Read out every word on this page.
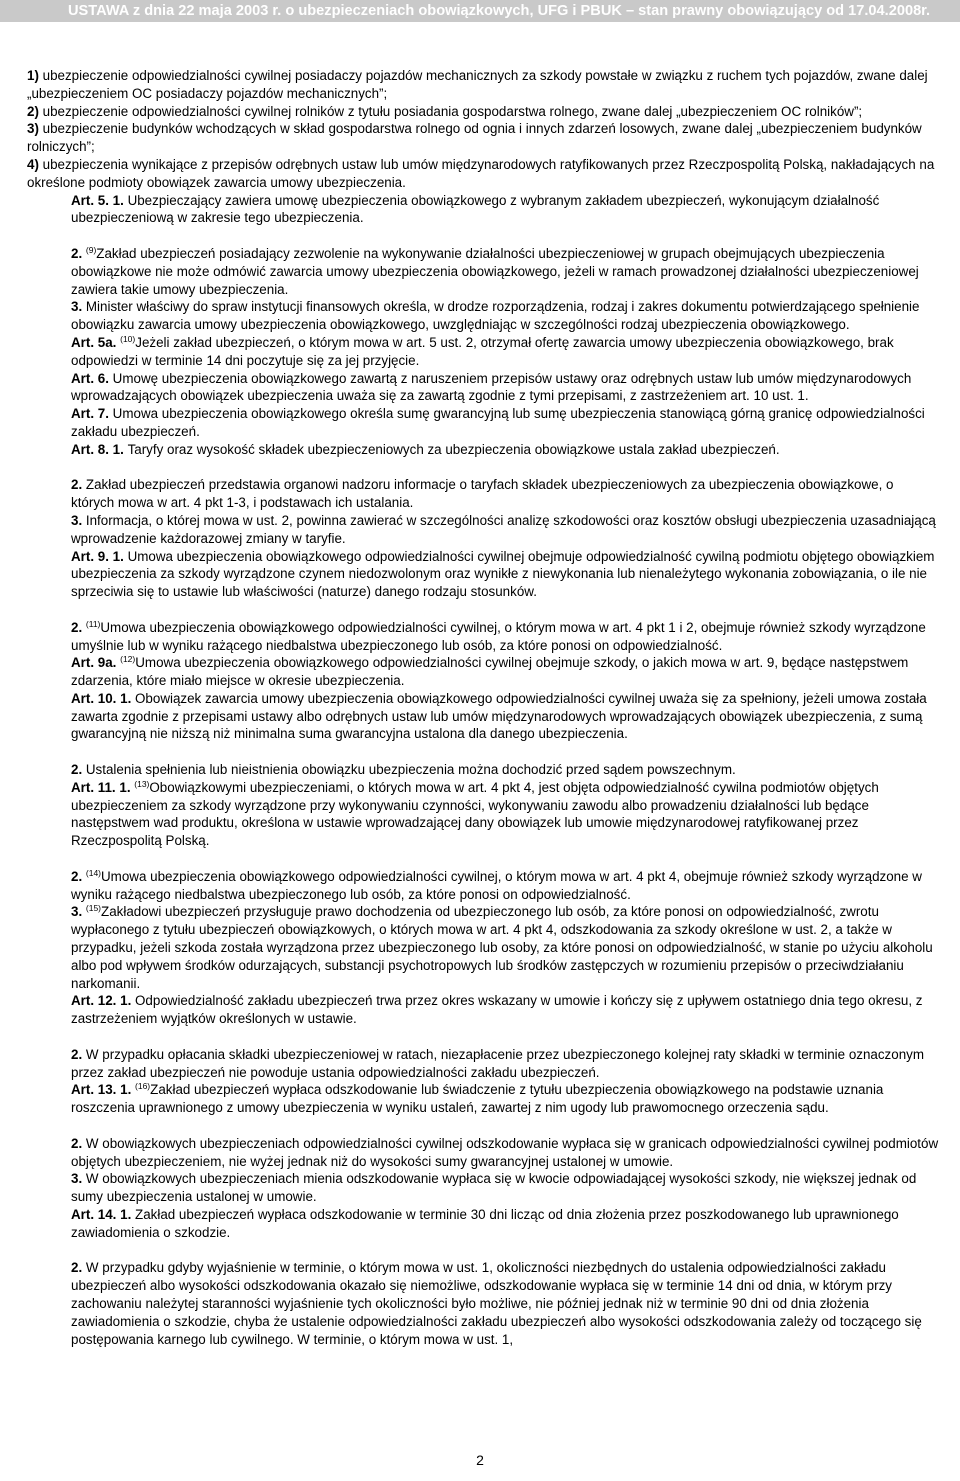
USTAWA z dnia 22 maja 2003 r. o ubezpieczeniach obowiązkowych, UFG i PBUK – stan prawny obowiązujący od 17.04.2008r.
1) ubezpieczenie odpowiedzialności cywilnej posiadaczy pojazdów mechanicznych za szkody powstałe w związku z ruchem tych pojazdów, zwane dalej „ubezpieczeniem OC posiadaczy pojazdów mechanicznych”;
2) ubezpieczenie odpowiedzialności cywilnej rolników z tytułu posiadania gospodarstwa rolnego, zwane dalej „ubezpieczeniem OC rolników”;
3) ubezpieczenie budynków wchodzących w skład gospodarstwa rolnego od ognia i innych zdarzeń losowych, zwane dalej „ubezpieczeniem budynków rolniczych”;
4) ubezpieczenia wynikające z przepisów odrębnych ustaw lub umów międzynarodowych ratyfikowanych przez Rzeczpospolitą Polską, nakładających na określone podmioty obowiązek zawarcia umowy ubezpieczenia.
Art. 5. 1. Ubezpieczający zawiera umowę ubezpieczenia obowiązkowego z wybranym zakładem ubezpieczeń, wykonującym działalność ubezpieczeniową w zakresie tego ubezpieczenia.
2. $^{(9)}$Zakład ubezpieczeń posiadający zezwolenie na wykonywanie działalności ubezpieczeniowej w grupach obejmujących ubezpieczenia obowiązkowe nie może odmówić zawarcia umowy ubezpieczenia obowiązkowego, jeżeli w ramach prowadzonej działalności ubezpieczeniowej zawiera takie umowy ubezpieczenia.
3. Minister właściwy do spraw instytucji finansowych określa, w drodze rozporządzenia, rodzaj i zakres dokumentu potwierdzającego spełnienie obowiązku zawarcia umowy ubezpieczenia obowiązkowego, uwzględniając w szczególności rodzaj ubezpieczenia obowiązkowego.
Art. 5a. $^{(10)}$Jeżeli zakład ubezpieczeń, o którym mowa w art. 5 ust. 2, otrzymał ofertę zawarcia umowy ubezpieczenia obowiązkowego, brak odpowiedzi w terminie 14 dni poczytuje się za jej przyjęcie.
Art. 6. Umowę ubezpieczenia obowiązkowego zawartą z naruszeniem przepisów ustawy oraz odrębnych ustaw lub umów międzynarodowych wprowadzających obowiązek ubezpieczenia uważa się za zawartą zgodnie z tymi przepisami, z zastrzeżeniem art. 10 ust. 1.
Art. 7. Umowa ubezpieczenia obowiązkowego określa sumę gwarancyjną lub sumę ubezpieczenia stanowiącą górną granicę odpowiedzialności zakładu ubezpieczeń.
Art. 8. 1. Taryfy oraz wysokość składek ubezpieczeniowych za ubezpieczenia obowiązkowe ustala zakład ubezpieczeń.
2. Zakład ubezpieczeń przedstawia organowi nadzoru informacje o taryfach składek ubezpieczeniowych za ubezpieczenia obowiązkowe, o których mowa w art. 4 pkt 1-3, i podstawach ich ustalania.
3. Informacja, o której mowa w ust. 2, powinna zawierać w szczególności analizę szkodowości oraz kosztów obsługi ubezpieczenia uzasadniającą wprowadzenie każdorazowej zmiany w taryfie.
Art. 9. 1. Umowa ubezpieczenia obowiązkowego odpowiedzialności cywilnej obejmuje odpowiedzialność cywilną podmiotu objętego obowiązkiem ubezpieczenia za szkody wyrządzone czynem niedozwolonym oraz wynikłe z niewykonania lub nienależytego wykonania zobowiązania, o ile nie sprzeciwia się to ustawie lub właściwości (naturze) danego rodzaju stosunków.
2. $^{(11)}$Umowa ubezpieczenia obowiązkowego odpowiedzialności cywilnej, o którym mowa w art. 4 pkt 1 i 2, obejmuje również szkody wyrządzone umyślnie lub w wyniku rażącego niedbalstwa ubezpieczonego lub osób, za które ponosi on odpowiedzialność.
Art. 9a. $^{(12)}$Umowa ubezpieczenia obowiązkowego odpowiedzialności cywilnej obejmuje szkody, o jakich mowa w art. 9, będące następstwem zdarzenia, które miało miejsce w okresie ubezpieczenia.
Art. 10. 1. Obowiązek zawarcia umowy ubezpieczenia obowiązkowego odpowiedzialności cywilnej uważa się za spełniony, jeżeli umowa została zawarta zgodnie z przepisami ustawy albo odrębnych ustaw lub umów międzynarodowych wprowadzających obowiązek ubezpieczenia, z sumą gwarancyjną nie niższą niż minimalna suma gwarancyjna ustalona dla danego ubezpieczenia.
2. Ustalenia spełnienia lub nieistnienia obowiązku ubezpieczenia można dochodzić przed sądem powszechnym.
Art. 11. 1. $^{(13)}$Obowiązkowymi ubezpieczeniami, o których mowa w art. 4 pkt 4, jest objęta odpowiedzialność cywilna podmiotów objętych ubezpieczeniem za szkody wyrządzone przy wykonywaniu czynności, wykonywaniu zawodu albo prowadzeniu działalności lub będące następstwem wad produktu, określona w ustawie wprowadzającej dany obowiązek lub umowie międzynarodowej ratyfikowanej przez Rzeczpospolitą Polską.
2. $^{(14)}$Umowa ubezpieczenia obowiązkowego odpowiedzialności cywilnej, o którym mowa w art. 4 pkt 4, obejmuje również szkody wyrządzone w wyniku rażącego niedbalstwa ubezpieczonego lub osób, za które ponosi on odpowiedzialność.
3. $^{(15)}$Zakładowi ubezpieczeń przysługuje prawo dochodzenia od ubezpieczonego lub osób, za które ponosi on odpowiedzialność, zwrotu wypłaconego z tytułu ubezpieczeń obowiązkowych, o których mowa w art. 4 pkt 4, odszkodowania za szkody określone w ust. 2, a także w przypadku, jeżeli szkoda została wyrządzona przez ubezpieczonego lub osoby, za które ponosi on odpowiedzialność, w stanie po użyciu alkoholu albo pod wpływem środków odurzających, substancji psychotropowych lub środków zastępczych w rozumieniu przepisów o przeciwdziałaniu narkomanii.
Art. 12. 1. Odpowiedzialność zakładu ubezpieczeń trwa przez okres wskazany w umowie i kończy się z upływem ostatniego dnia tego okresu, z zastrzeżeniem wyjątków określonych w ustawie.
2. W przypadku opłacania składki ubezpieczeniowej w ratach, niezapłacenie przez ubezpieczonego kolejnej raty składki w terminie oznaczonym przez zakład ubezpieczeń nie powoduje ustania odpowiedzialności zakładu ubezpieczeń.
Art. 13. 1. $^{(16)}$Zakład ubezpieczeń wypłaca odszkodowanie lub świadczenie z tytułu ubezpieczenia obowiązkowego na podstawie uznania roszczenia uprawnionego z umowy ubezpieczenia w wyniku ustaleń, zawartej z nim ugody lub prawomocnego orzeczenia sądu.
2. W obowiązkowych ubezpieczeniach odpowiedzialności cywilnej odszkodowanie wypłaca się w granicach odpowiedzialności cywilnej podmiotów objętych ubezpieczeniem, nie wyżej jednak niż do wysokości sumy gwarancyjnej ustalonej w umowie.
3. W obowiązkowych ubezpieczeniach mienia odszkodowanie wypłaca się w kwocie odpowiadającej wysokości szkody, nie większej jednak od sumy ubezpieczenia ustalonej w umowie.
Art. 14. 1. Zakład ubezpieczeń wypłaca odszkodowanie w terminie 30 dni licząc od dnia złożenia przez poszkodowanego lub uprawnionego zawiadomienia o szkodzie.
2. W przypadku gdyby wyjaśnienie w terminie, o którym mowa w ust. 1, okoliczności niezbędnych do ustalenia odpowiedzialności zakładu ubezpieczeń albo wysokości odszkodowania okazało się niemożliwe, odszkodowanie wypłaca się w terminie 14 dni od dnia, w którym przy zachowaniu należytej staranności wyjaśnienie tych okoliczności było możliwe, nie później jednak niż w terminie 90 dni od dnia złożenia zawiadomienia o szkodzie, chyba że ustalenie odpowiedzialności zakładu ubezpieczeń albo wysokości odszkodowania zależy od toczącego się postępowania karnego lub cywilnego. W terminie, o którym mowa w ust. 1,
2
